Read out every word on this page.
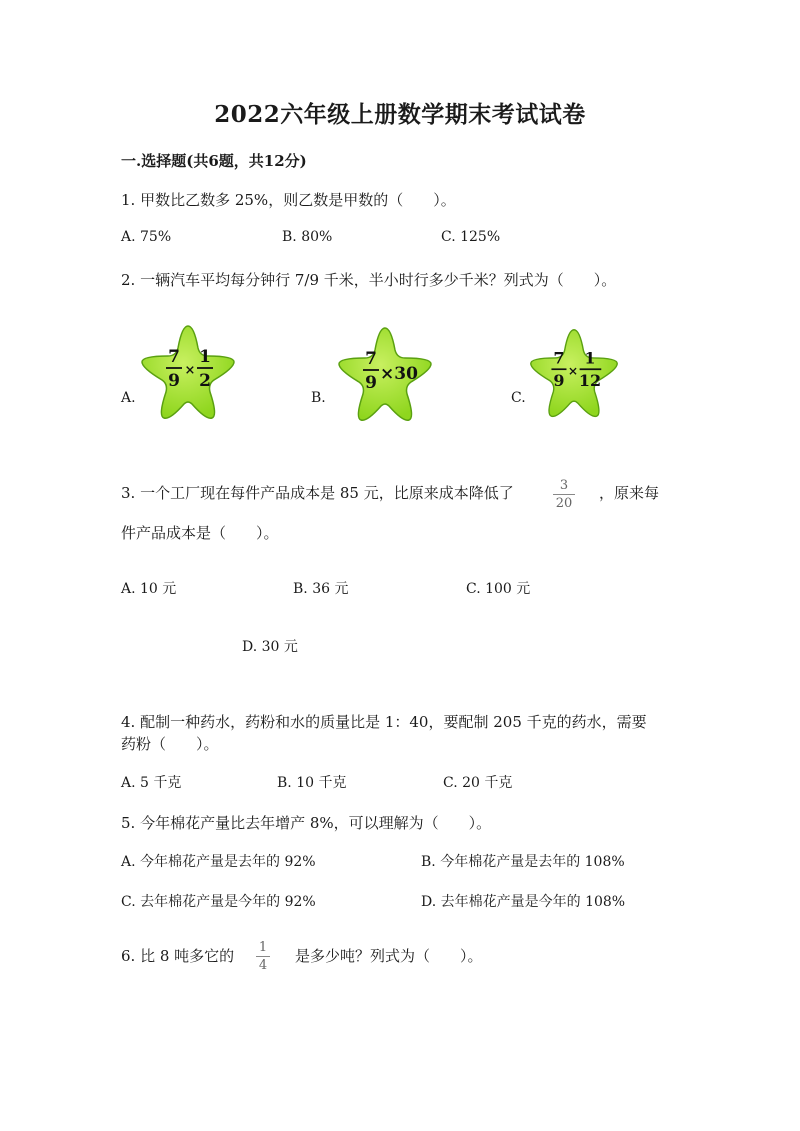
2022六年级上册数学期末考试试卷
一.选择题(共6题，共12分)
1. 甲数比乙数多 25%，则乙数是甲数的（　　）。
A. 75%	B. 80%	C. 125%
2. 一辆汽车平均每分钟行 7/9 千米，半小时行多少千米？列式为（　　）。
A.
7
9
×
1
2
B.
7
9 ×30
C.
7
9
×
1
12
3. 一个工厂现在每件产品成本是 85 元，比原来成本降低了	3
20
，原来每
件产品成本是（　　）。
A. 10 元	B. 36 元	C. 100 元
D. 30 元
4. 配制一种药水，药粉和水的质量比是 1：40，要配制 205 千克的药水，需要
药粉（　　）。
A. 5 千克	B. 10 千克	C. 20 千克
5. 今年棉花产量比去年增产 8%，可以理解为（　　）。
A. 今年棉花产量是去年的 92%	B. 今年棉花产量是去年的 108%
C. 去年棉花产量是今年的 92%	D. 去年棉花产量是今年的 108%
6. 比 8 吨多它的 1
4
是多少吨？列式为（　　）。
